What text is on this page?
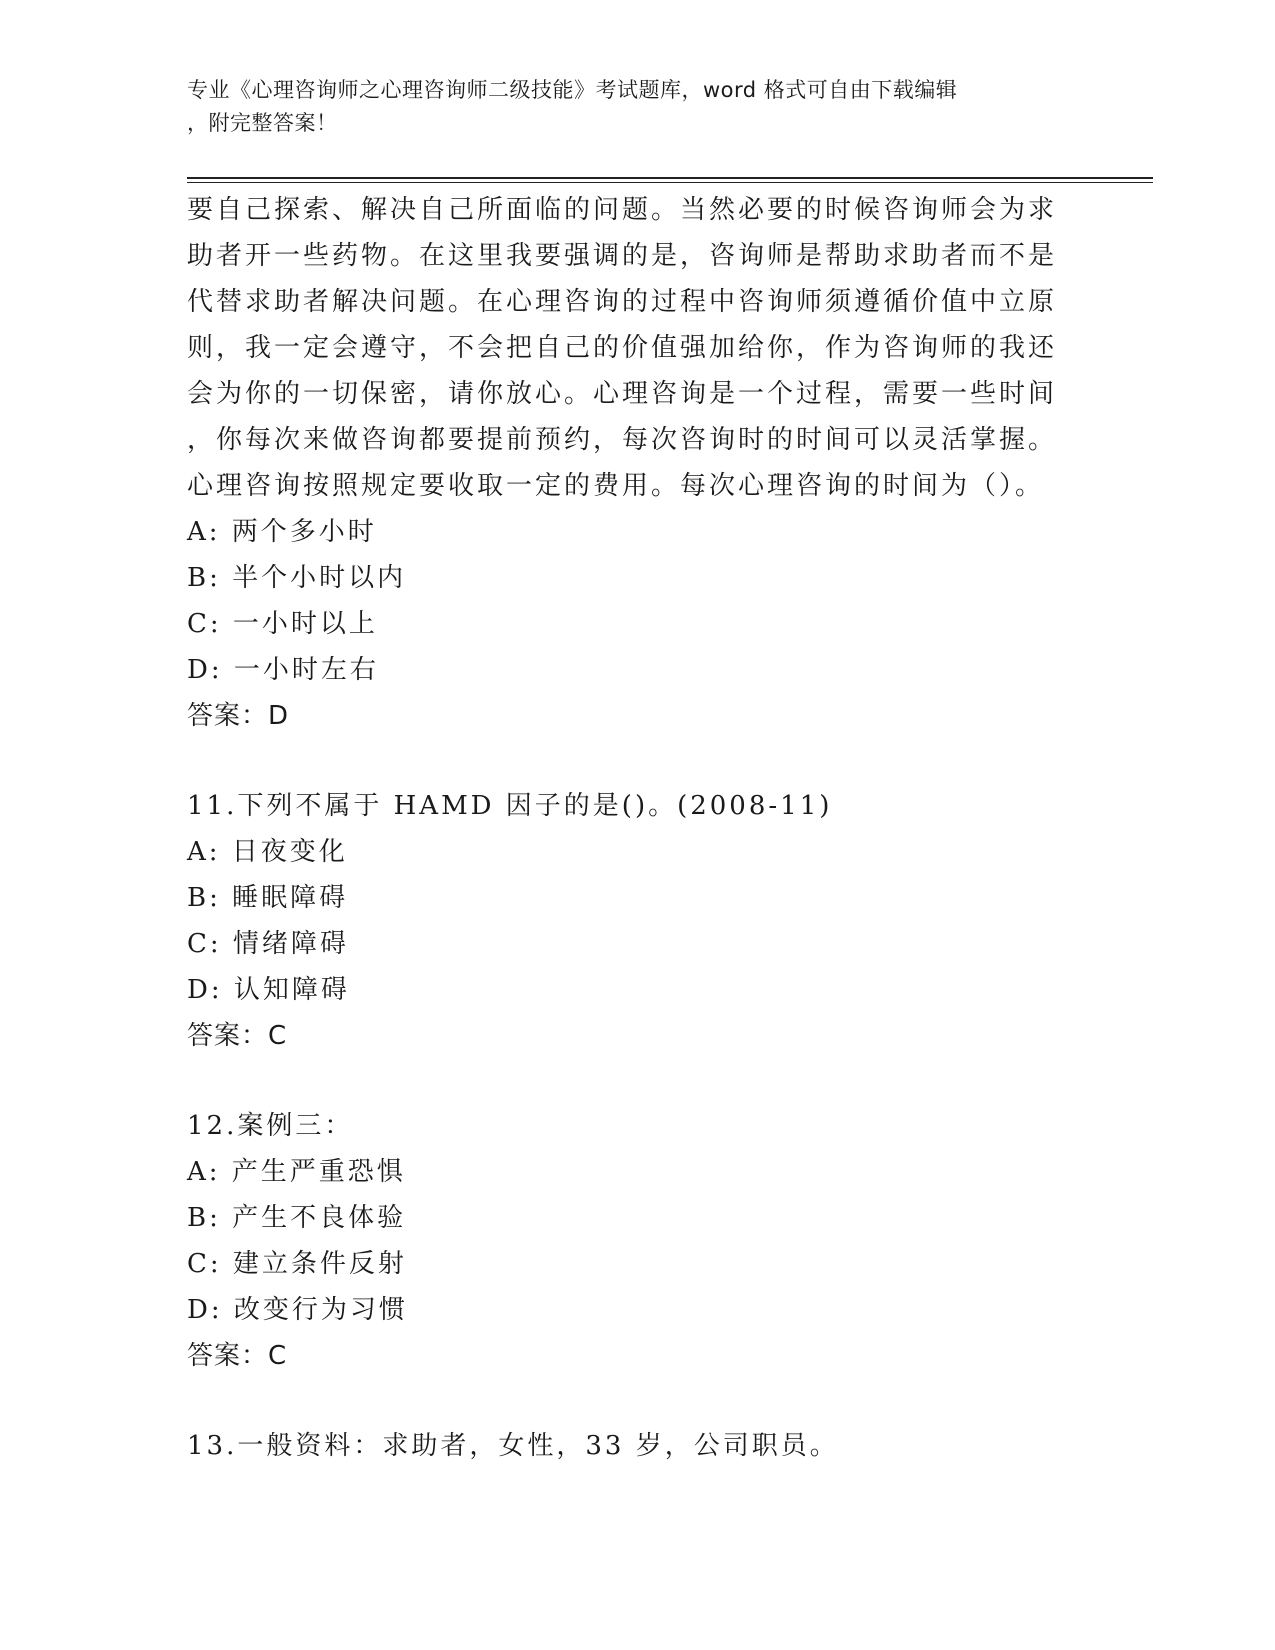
专业《心理咨询师之心理咨询师二级技能》考试题库，word 格式可自由下载编辑
，附完整答案！
要自己探索、解决自己所面临的问题。当然必要的时候咨询师会为求
助者开一些药物。在这里我要强调的是，咨询师是帮助求助者而不是
代替求助者解决问题。在心理咨询的过程中咨询师须遵循价值中立原
则，我一定会遵守，不会把自己的价值强加给你，作为咨询师的我还
会为你的一切保密，请你放心。心理咨询是一个过程，需要一些时间
，你每次来做咨询都要提前预约，每次咨询时的时间可以灵活掌握。
心理咨询按照规定要收取一定的费用。每次心理咨询的时间为（）。
A: 两个多小时
B: 半个小时以内
C: 一小时以上
D: 一小时左右
答案：D
11.下列不属于 HAMD 因子的是()。(2008-11)
A: 日夜变化
B: 睡眠障碍
C: 情绪障碍
D: 认知障碍
答案：C
12.案例三：
A: 产生严重恐惧
B: 产生不良体验
C: 建立条件反射
D: 改变行为习惯
答案：C
13.一般资料：求助者，女性，33 岁，公司职员。
